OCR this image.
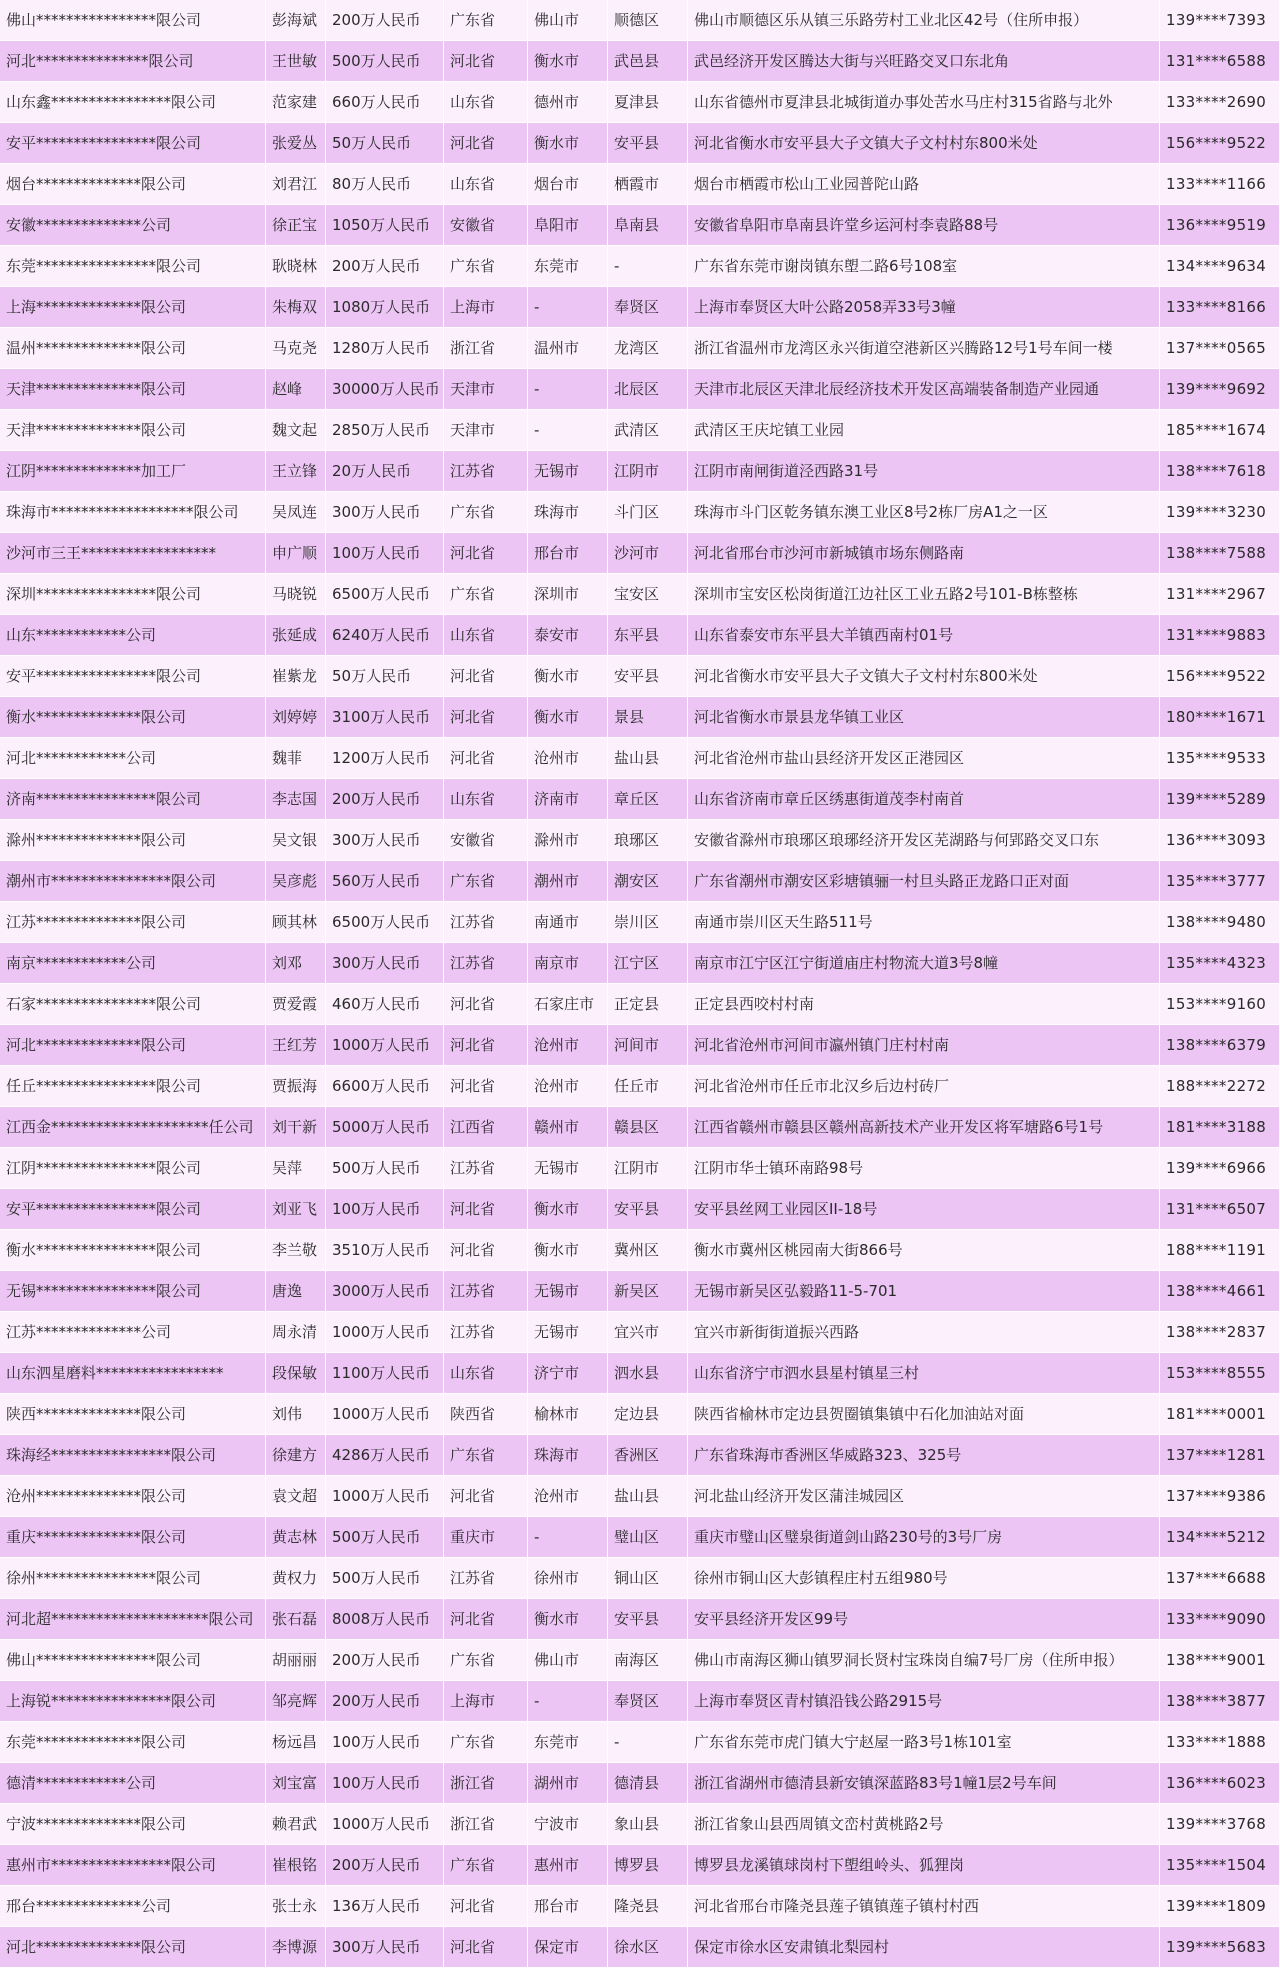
佛山****************限公司	彭海斌	200万人民币	广东省	佛山市	顺德区	佛山市顺德区乐从镇三乐路劳村工业北区42号（住所申报）	139****7393
河北***************限公司	王世敏	500万人民币	河北省	衡水市	武邑县	武邑经济开发区腾达大街与兴旺路交叉口东北角	131****6588
山东鑫****************限公司	范家建	660万人民币	山东省	德州市	夏津县	山东省德州市夏津县北城街道办事处苦水马庄村315省路与北外	133****2690
安平****************限公司	张爱丛	50万人民币	河北省	衡水市	安平县	河北省衡水市安平县大子文镇大子文村村东800米处	156****9522
烟台**************限公司	刘君江	80万人民币	山东省	烟台市	栖霞市	烟台市栖霞市松山工业园普陀山路	133****1166
安徽**************公司	徐正宝	1050万人民币	安徽省	阜阳市	阜南县	安徽省阜阳市阜南县许堂乡运河村李袁路88号	136****9519
东莞****************限公司	耿晓林	200万人民币	广东省	东莞市	-	广东省东莞市谢岗镇东塱二路6号108室	134****9634
上海**************限公司	朱梅双	1080万人民币	上海市	-	奉贤区	上海市奉贤区大叶公路2058弄33号3幢	133****8166
温州**************限公司	马克尧	1280万人民币	浙江省	温州市	龙湾区	浙江省温州市龙湾区永兴街道空港新区兴腾路12号1号车间一楼	137****0565
天津**************限公司	赵峰	30000万人民币	天津市	-	北辰区	天津市北辰区天津北辰经济技术开发区高端装备制造产业园通	139****9692
天津**************限公司	魏文起	2850万人民币	天津市	-	武清区	武清区王庆坨镇工业园	185****1674
江阴**************加工厂	王立锋	20万人民币	江苏省	无锡市	江阴市	江阴市南闸街道泾西路31号	138****7618
珠海市*******************限公司	吴凤连	300万人民币	广东省	珠海市	斗门区	珠海市斗门区乾务镇东澳工业区8号2栋厂房A1之一区	139****3230
沙河市三王******************	申广顺	100万人民币	河北省	邢台市	沙河市	河北省邢台市沙河市新城镇市场东侧路南	138****7588
深圳****************限公司	马晓锐	6500万人民币	广东省	深圳市	宝安区	深圳市宝安区松岗街道江边社区工业五路2号101-B栋整栋	131****2967
山东************公司	张延成	6240万人民币	山东省	泰安市	东平县	山东省泰安市东平县大羊镇西南村01号	131****9883
安平****************限公司	崔紫龙	50万人民币	河北省	衡水市	安平县	河北省衡水市安平县大子文镇大子文村村东800米处	156****9522
衡水**************限公司	刘婷婷	3100万人民币	河北省	衡水市	景县	河北省衡水市景县龙华镇工业区	180****1671
河北************公司	魏菲	1200万人民币	河北省	沧州市	盐山县	河北省沧州市盐山县经济开发区正港园区	135****9533
济南****************限公司	李志国	200万人民币	山东省	济南市	章丘区	山东省济南市章丘区绣惠街道茂李村南首	139****5289
滁州**************限公司	吴文银	300万人民币	安徽省	滁州市	琅琊区	安徽省滁州市琅琊区琅琊经济开发区芜湖路与何郢路交叉口东	136****3093
潮州市****************限公司	吴彦彪	560万人民币	广东省	潮州市	潮安区	广东省潮州市潮安区彩塘镇骊一村旦头路正龙路口正对面	135****3777
江苏**************限公司	顾其林	6500万人民币	江苏省	南通市	崇川区	南通市崇川区天生路511号	138****9480
南京************公司	刘邓	300万人民币	江苏省	南京市	江宁区	南京市江宁区江宁街道庙庄村物流大道3号8幢	135****4323
石家****************限公司	贾爱霞	460万人民币	河北省	石家庄市	正定县	正定县西咬村村南	153****9160
河北**************限公司	王红芳	1000万人民币	河北省	沧州市	河间市	河北省沧州市河间市瀛州镇门庄村村南	138****6379
任丘****************限公司	贾振海	6600万人民币	河北省	沧州市	任丘市	河北省沧州市任丘市北汉乡后边村砖厂	188****2272
江西金*********************任公司	刘干新	5000万人民币	江西省	赣州市	赣县区	江西省赣州市赣县区赣州高新技术产业开发区将军塘路6号1号	181****3188
江阴****************限公司	吴萍	500万人民币	江苏省	无锡市	江阴市	江阴市华士镇环南路98号	139****6966
安平****************限公司	刘亚飞	100万人民币	河北省	衡水市	安平县	安平县丝网工业园区II-18号	131****6507
衡水****************限公司	李兰敬	3510万人民币	河北省	衡水市	冀州区	衡水市冀州区桃园南大街866号	188****1191
无锡****************限公司	唐逸	3000万人民币	江苏省	无锡市	新吴区	无锡市新吴区弘毅路11-5-701	138****4661
江苏**************公司	周永清	1000万人民币	江苏省	无锡市	宜兴市	宜兴市新街街道振兴西路	138****2837
山东泗星磨料*****************	段保敏	1100万人民币	山东省	济宁市	泗水县	山东省济宁市泗水县星村镇星三村	153****8555
陕西**************限公司	刘伟	1000万人民币	陕西省	榆林市	定边县	陕西省榆林市定边县贺圈镇集镇中石化加油站对面	181****0001
珠海经****************限公司	徐建方	4286万人民币	广东省	珠海市	香洲区	广东省珠海市香洲区华威路323、325号	137****1281
沧州**************限公司	袁文超	1000万人民币	河北省	沧州市	盐山县	河北盐山经济开发区蒲洼城园区	137****9386
重庆**************限公司	黄志林	500万人民币	重庆市	-	璧山区	重庆市璧山区璧泉街道剑山路230号的3号厂房	134****5212
徐州****************限公司	黄权力	500万人民币	江苏省	徐州市	铜山区	徐州市铜山区大彭镇程庄村五组980号	137****6688
河北超*********************限公司	张石磊	8008万人民币	河北省	衡水市	安平县	安平县经济开发区99号	133****9090
佛山****************限公司	胡丽丽	200万人民币	广东省	佛山市	南海区	佛山市南海区狮山镇罗洞长贤村宝珠岗自编7号厂房（住所申报）	138****9001
上海锐****************限公司	邹亮辉	200万人民币	上海市	-	奉贤区	上海市奉贤区青村镇沿钱公路2915号	138****3877
东莞**************限公司	杨远昌	100万人民币	广东省	东莞市	-	广东省东莞市虎门镇大宁赵屋一路3号1栋101室	133****1888
德清************公司	刘宝富	100万人民币	浙江省	湖州市	德清县	浙江省湖州市德清县新安镇深蓝路83号1幢1层2号车间	136****6023
宁波**************限公司	赖君武	1000万人民币	浙江省	宁波市	象山县	浙江省象山县西周镇文峦村黄桃路2号	139****3768
惠州市****************限公司	崔根铭	200万人民币	广东省	惠州市	博罗县	博罗县龙溪镇球岗村下塱组岭头、狐狸岗	135****1504
邢台**************公司	张士永	136万人民币	河北省	邢台市	隆尧县	河北省邢台市隆尧县莲子镇镇莲子镇村村西	139****1809
河北**************限公司	李博源	300万人民币	河北省	保定市	徐水区	保定市徐水区安肃镇北梨园村	139****5683
